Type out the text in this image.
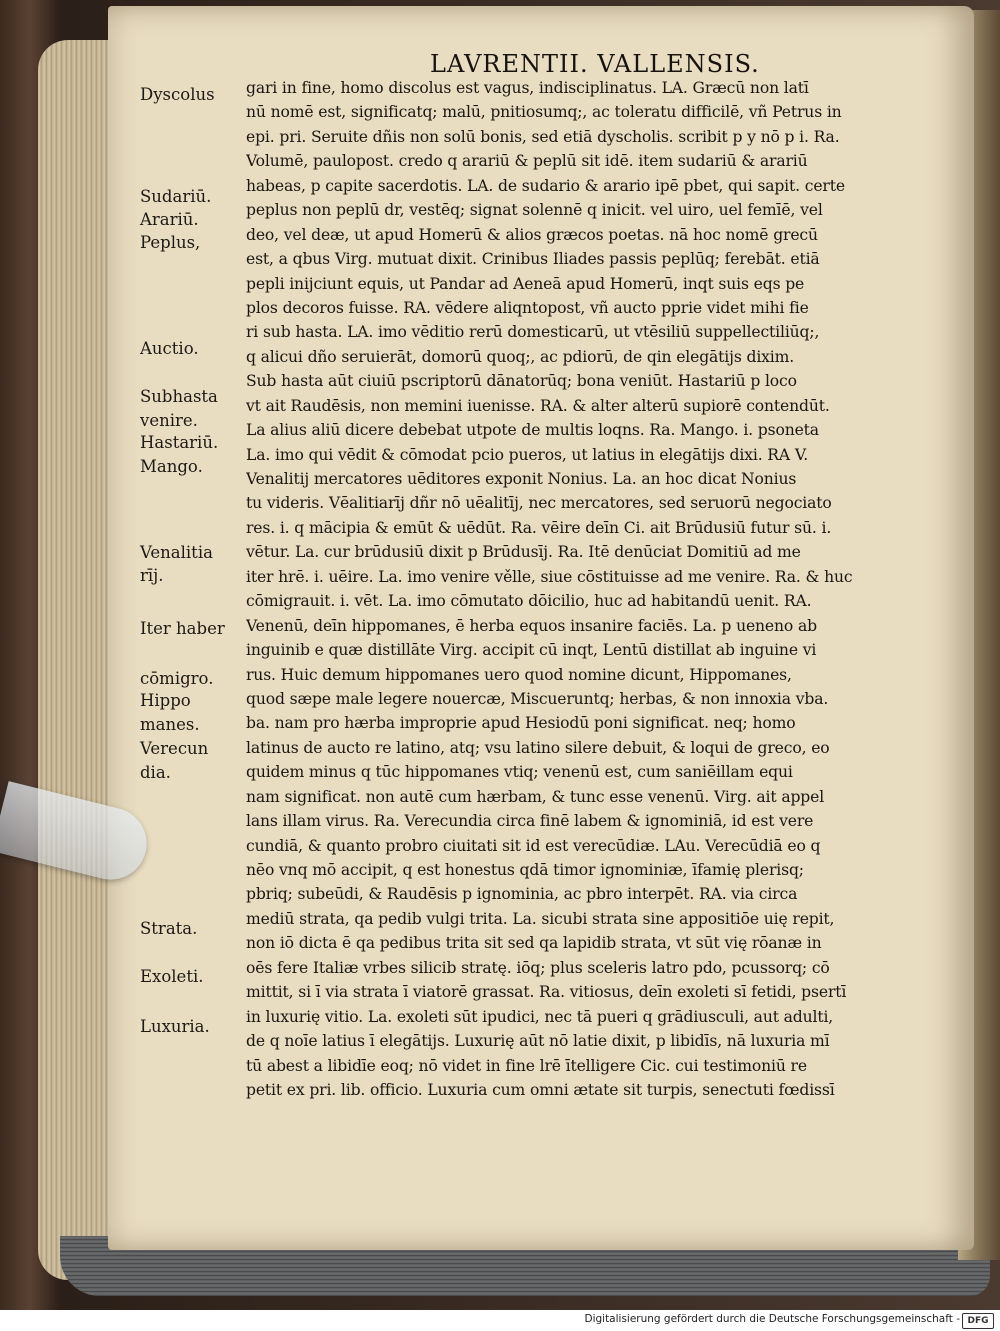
LAVRENTII. VALLENSIS.
Dyscolus
Sudariū.
Arariū.
Peplus,
Auctio.
Subhasta
venire.
Hastariū.
Mango.
Venalitia
rīj.
Iter haber
cōmigro.
Hippo
manes.
Verecun
dia.
Strata.
Exoleti.
Luxuria.
gari in fine, homo discolus est vagus, indisciplinatus. LA. Græcū non latī
nū nomē est, significatq; malū, pnitiosumq;, ac toleratu difficilē, vñ Petrus in
epi. pri. Seruite dñis non solū bonis, sed etiā dyscholis. scribit p y nō p i. Ra.
Volumē, paulopost. credo q arariū & peplū sit idē. item sudariū & arariū
habeas, p capite sacerdotis. LA. de sudario & arario ipē pbet, qui sapit. certe
peplus non peplū dr, vestēq; signat solennē q inicit. vel uiro, uel femīē, vel
deo, vel deæ, ut apud Homerū & alios græcos poetas. nā hoc nomē grecū
est, a qbus Virg. mutuat dixit. Crinibus Iliades passis peplūq; ferebāt. etiā
pepli inijciunt equis, ut Pandar ad Aeneā apud Homerū, inqt suis eqs pe
plos decoros fuisse. RA. vēdere aliqntopost, vñ aucto pprie videt mihi fie
ri sub hasta. LA. imo vēditio rerū domesticarū, ut vtēsiliū suppellectiliūq;,
q alicui dño seruierāt, domorū quoq;, ac pdiorū, de qin elegātijs dixim.
Sub hasta aūt ciuiū pscriptorū dānatorūq; bona veniūt. Hastariū p loco
vt ait Raudēsis, non memini iuenisse. RA. & alter alterū supiorē contendūt.
La alius aliū dicere debebat utpote de multis loqns. Ra. Mango. i. psoneta
La. imo qui vēdit & cōmodat pcio pueros, ut latius in elegātijs dixi. RA V.
Venalitij mercatores uēditores exponit Nonius. La. an hoc dicat Nonius
tu videris. Vēalitiarīj dñr nō uēalitīj, nec mercatores, sed seruorū negociato
res. i. q mācipia & emūt & uēdūt. Ra. vēire deīn Ci. ait Brūdusiū futur sū. i.
vētur. La. cur brūdusiū dixit p Brūdusīj. Ra. Itē denūciat Domitiū ad me
iter hrē. i. uēire. La. imo venire vělle, siue cōstituisse ad me venire. Ra. & huc
cōmigrauit. i. vēt. La. imo cōmutato dōicilio, huc ad habitandū uenit. RA.
Venenū, deīn hippomanes, ē herba equos insanire faciēs. La. p ueneno ab
inguinib e quæ distillāte Virg. accipit cū inqt, Lentū distillat ab inguine vi
rus. Huic demum hippomanes uero quod nomine dicunt, Hippomanes,
quod sæpe male legere nouercæ, Miscueruntq; herbas, & non innoxia vba.
ba. nam pro hærba improprie apud Hesiodū poni significat. neq; homo
latinus de aucto re latino, atq; vsu latino silere debuit, & loqui de greco, eo
quidem minus q tūc hippomanes vtiq; venenū est, cum saniēillam equi
nam significat. non autē cum hærbam, & tunc esse venenū. Virg. ait appel
lans illam virus. Ra. Verecundia circa finē labem & ignominiā, id est vere
cundiā, & quanto probro ciuitati sit id est verecūdiæ. LAu. Verecūdiā eo q
nēo vnq mō accipit, q est honestus qdā timor ignominiæ, īfamię plerisq;
pbriq; subeūdi, & Raudēsis p ignominia, ac pbro interpēt. RA. via circa
mediū strata, qa pedib vulgi trita. La. sicubi strata sine appositiōe uię repit,
non iō dicta ē qa pedibus trita sit sed qa lapidib strata, vt sūt vię rōanæ in
oēs fere Italiæ vrbes silicib stratę. iōq; plus sceleris latro pdo, pcussorq; cō
mittit, si ī via strata ī viatorē grassat. Ra. vitiosus, deīn exoleti sī fetidi, psertī
in luxurię vitio. La. exoleti sūt ipudici, nec tā pueri q grādiusculi, aut adulti,
de q noīe latius ī elegātijs. Luxurię aūt nō latie dixit, p libidīs, nā luxuria mī
tū abest a libidīe eoq; nō videt in fine lrē ītelligere Cic. cui testimoniū re
petit ex pri. lib. officio. Luxuria cum omni ætate sit turpis, senectuti fœdissī
Digitalisierung gefördert durch die Deutsche Forschungsgemeinschaft - DFG
